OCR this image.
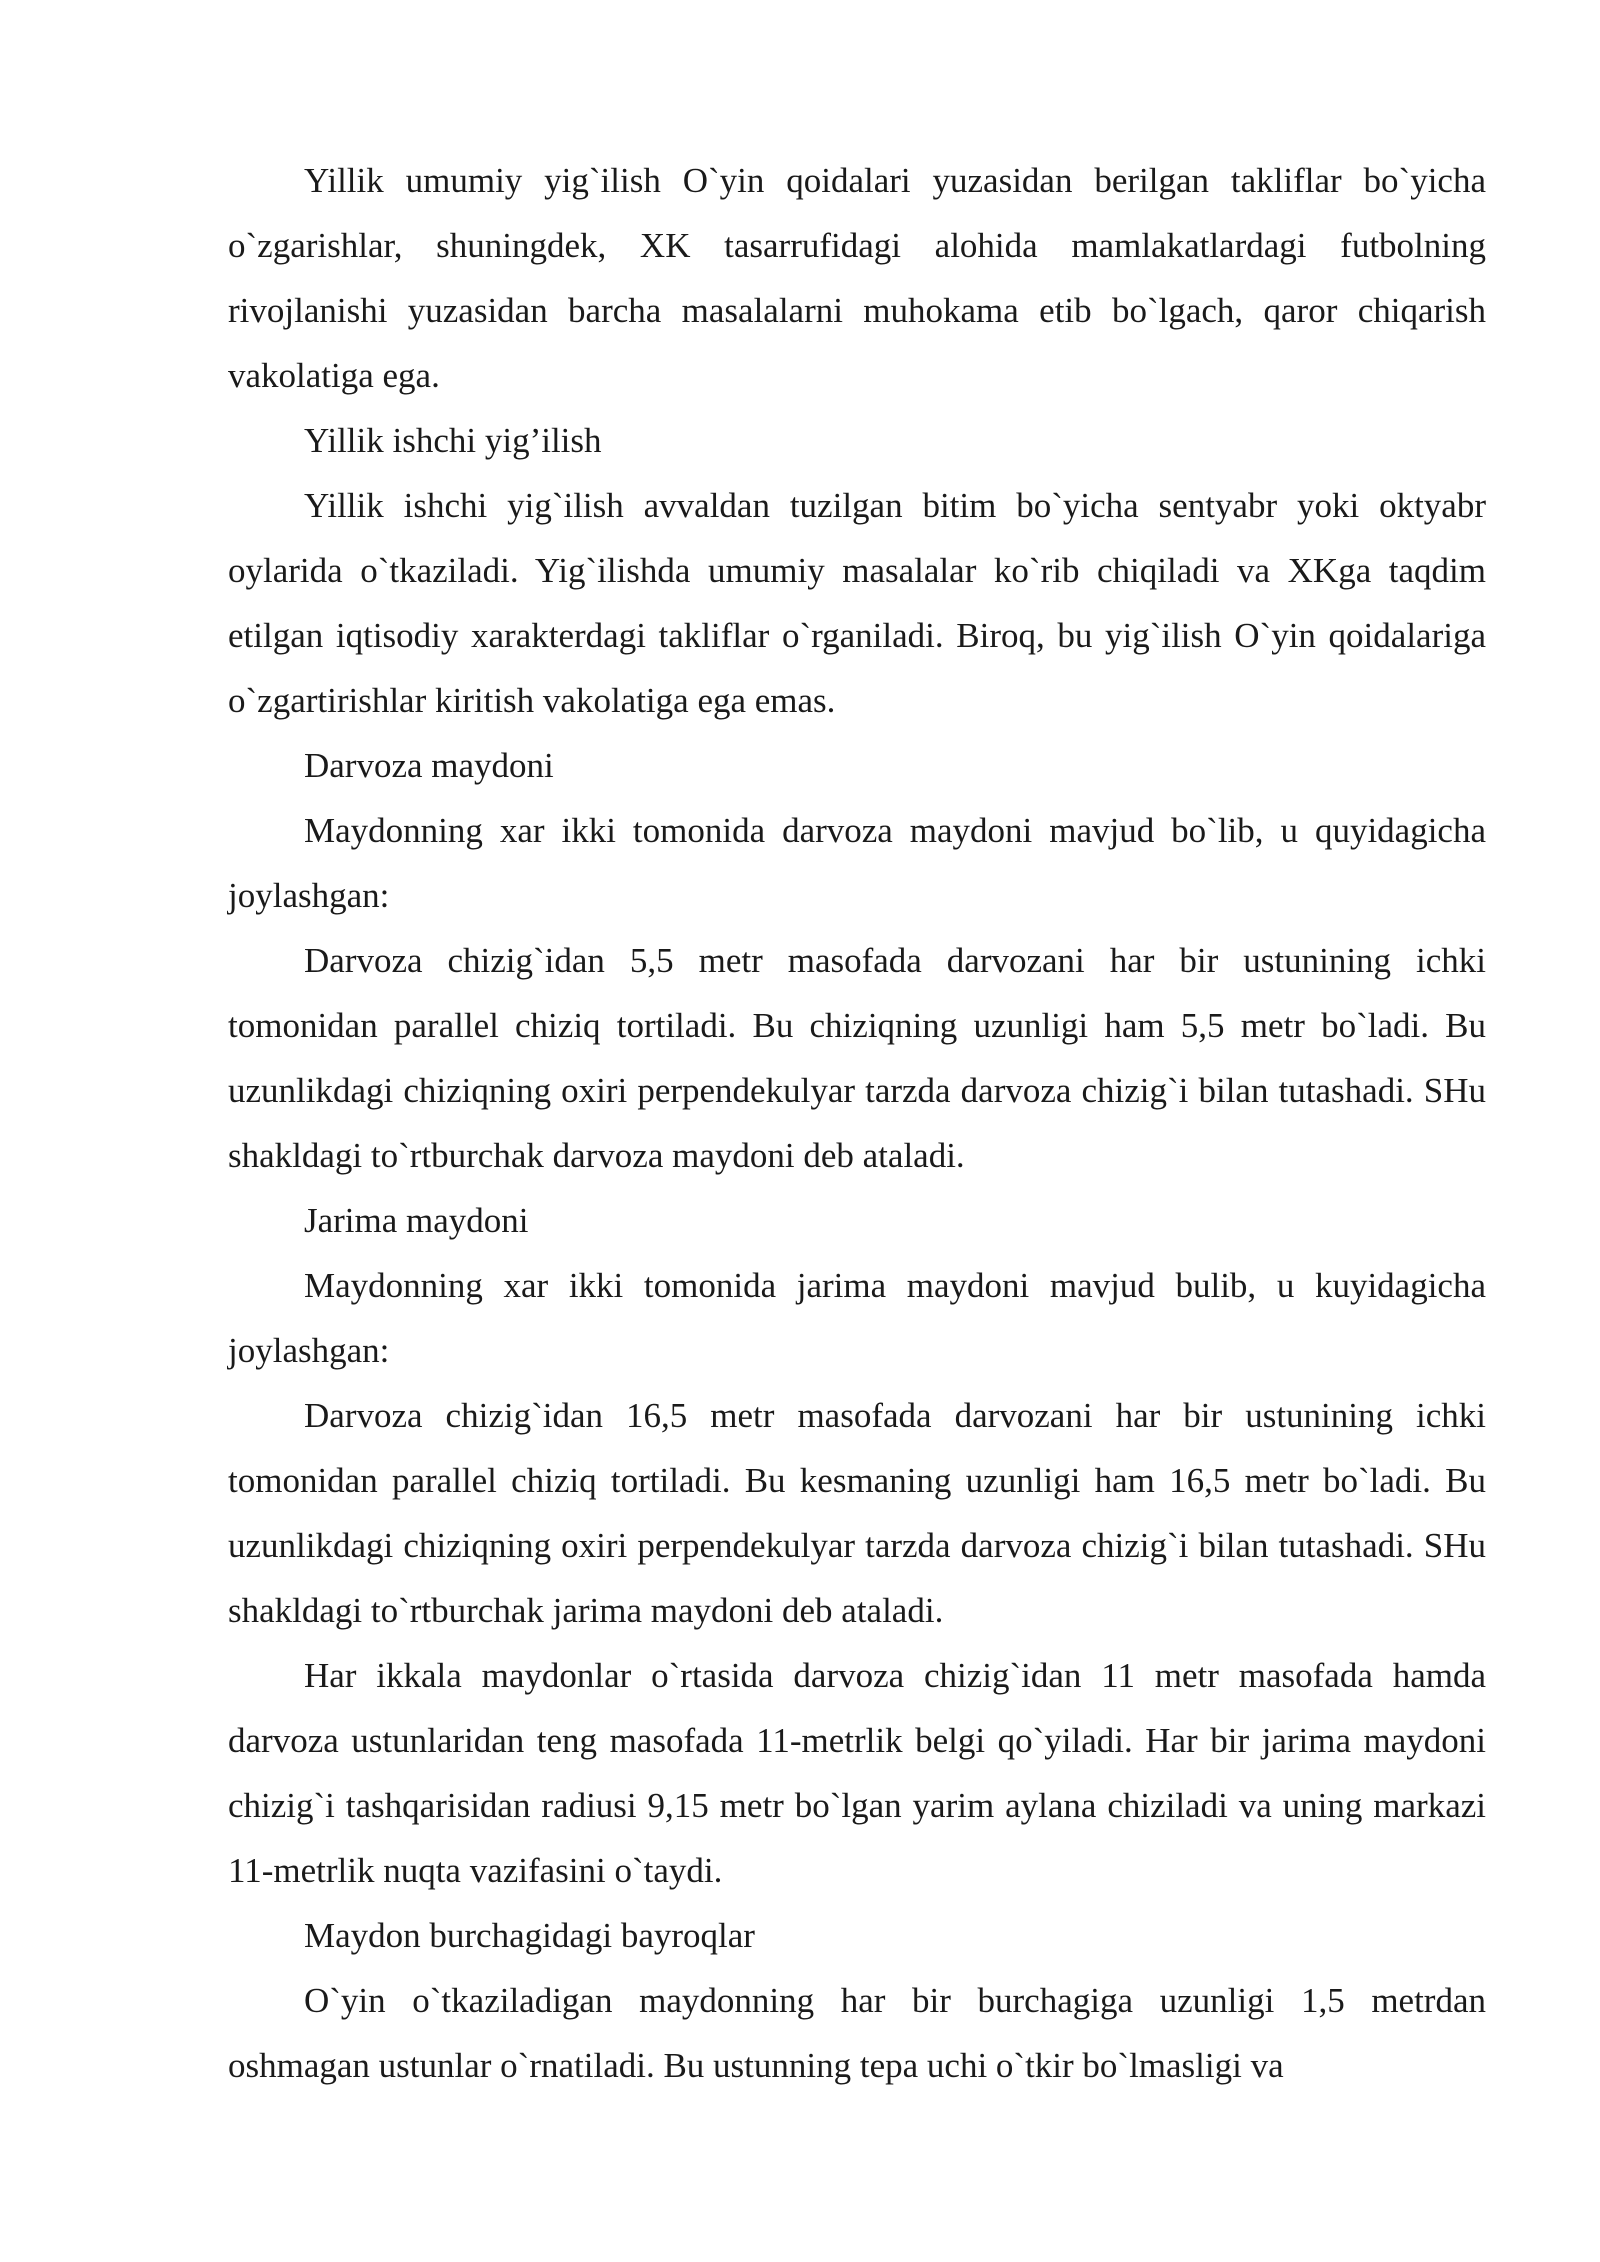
Yillik umumiy yig`ilish O`yin qoidalari yuzasidan berilgan takliflar bo`yicha o`zgarishlar, shuningdek, XK tasarrufidagi alohida mamlakatlardagi futbolning rivojlanishi yuzasidan barcha masalalarni muhokama etib bo`lgach, qaror chiqarish vakolatiga ega.

Yillik ishchi yig’ilish

Yillik ishchi yig`ilish avvaldan tuzilgan bitim bo`yicha sentyabr yoki oktyabr oylarida o`tkaziladi. Yig`ilishda umumiy masalalar ko`rib chiqiladi va XKga taqdim etilgan iqtisodiy xarakterdagi takliflar o`rganiladi. Biroq, bu yig`ilish O`yin qoidalariga o`zgartirishlar kiritish vakolatiga ega emas.

Darvoza maydoni

Maydonning xar ikki tomonida darvoza maydoni mavjud bo`lib, u quyidagicha joylashgan:

Darvoza chizig`idan 5,5 metr masofada darvozani har bir ustunining ichki tomonidan parallel chiziq tortiladi. Bu chiziqning uzunligi ham 5,5 metr bo`ladi. Bu uzunlikdagi chiziqning oxiri perpendekulyar tarzda darvoza chizig`i bilan tutashadi. SHu shakldagi to`rtburchak darvoza maydoni deb ataladi.

Jarima maydoni

Maydonning xar ikki tomonida jarima maydoni mavjud bulib, u kuyidagicha joylashgan:

Darvoza chizig`idan 16,5 metr masofada darvozani har bir ustunining ichki tomonidan parallel chiziq tortiladi. Bu kesmaning uzunligi ham 16,5 metr bo`ladi. Bu uzunlikdagi chiziqning oxiri perpendekulyar tarzda darvoza chizig`i bilan tutashadi. SHu shakldagi to`rtburchak jarima maydoni deb ataladi.

Har ikkala maydonlar o`rtasida darvoza chizig`idan 11 metr masofada hamda darvoza ustunlaridan teng masofada 11-metrlik belgi qo`yiladi. Har bir jarima maydoni chizig`i tashqarisidan radiusi 9,15 metr bo`lgan yarim aylana chiziladi va uning markazi 11-metrlik nuqta vazifasini o`taydi.

Maydon burchagidagi bayroqlar

O`yin o`tkaziladigan maydonning har bir burchagiga uzunligi 1,5 metrdan oshmagan ustunlar o`rnatiladi. Bu ustunning tepa uchi o`tkir bo`lmasligi va
